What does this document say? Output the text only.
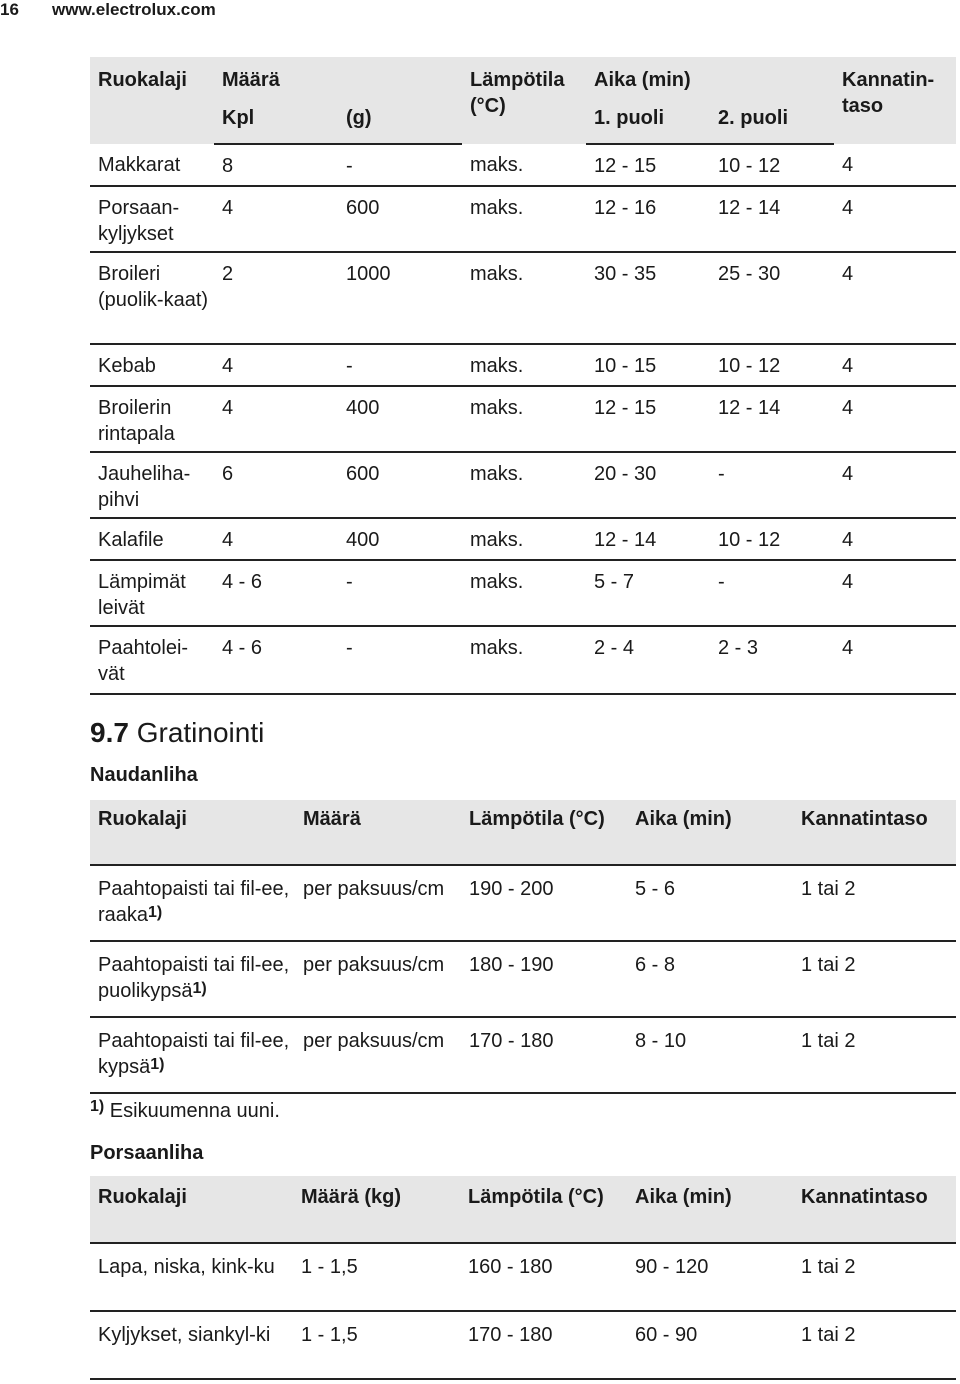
16 www.electrolux.com
Ruokalaji	Määrä		Lämpötila (°C)	Aika (min)		Kannatin-taso
	Kpl	(g)		1. puoli	2. puoli	
Makkarat	8	-	maks.	12 - 15	10 - 12	4
Porsaan-kyljykset	4	600	maks.	12 - 16	12 - 14	4
Broileri (puolik-kaat)	2	1000	maks.	30 - 35	25 - 30	4
Kebab	4	-	maks.	10 - 15	10 - 12	4
Broilerin rintapala	4	400	maks.	12 - 15	12 - 14	4
Jauheliha-pihvi	6	600	maks.	20 - 30	-	4
Kalafile	4	400	maks.	12 - 14	10 - 12	4
Lämpimät leivät	4 - 6	-	maks.	5 - 7	-	4
Paahtolei-vät	4 - 6	-	maks.	2 - 4	2 - 3	4
9.7 Gratinointi
Naudanliha
Ruokalaji	Määrä	Lämpötila (°C)	Aika (min)	Kannatintaso
Paahtopaisti tai fil-ee, raaka$^{1)}$	per paksuus/cm	190 - 200	5 - 6	1 tai 2
Paahtopaisti tai fil-ee, puolikypsä$^{1)}$	per paksuus/cm	180 - 190	6 - 8	1 tai 2
Paahtopaisti tai fil-ee, kypsä$^{1)}$	per paksuus/cm	170 - 180	8 - 10	1 tai 2
$^{1)}$ Esikuumenna uuni.
Porsaanliha
Ruokalaji	Määrä (kg)	Lämpötila (°C)	Aika (min)	Kannatintaso
Lapa, niska, kink-ku	1 - 1,5	160 - 180	90 - 120	1 tai 2
Kyljykset, siankyl-ki	1 - 1,5	170 - 180	60 - 90	1 tai 2
